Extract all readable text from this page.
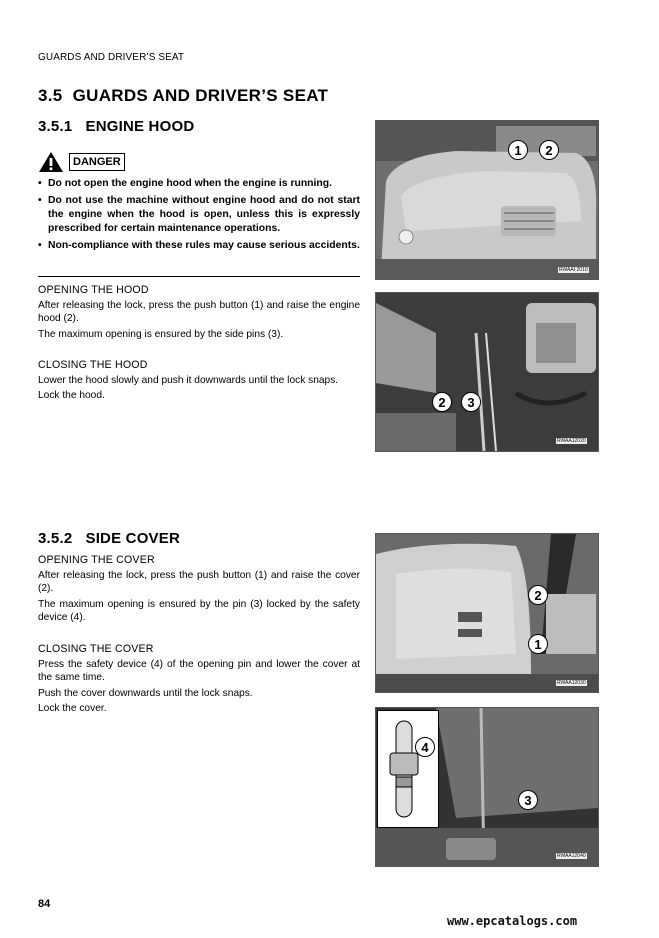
GUARDS AND DRIVER’S SEAT
3.5 GUARDS AND DRIVER’S SEAT
3.5.1 ENGINE HOOD
DANGER
• Do not open the engine hood when the engine is running.
• Do not use the machine without engine hood and do not start the engine when the hood is open, unless this is expressly prescribed for certain maintenance operations.
• Non-compliance with these rules may cause serious accidents.
OPENING THE HOOD

After releasing the lock, press the push button (1) and raise the engine hood (2).

The maximum opening is ensured by the side pins (3).

CLOSING THE HOOD

Lower the hood slowly and push it downwards until the lock snaps.

Lock the hood.

1	2
RWAAI 2010
2	3
RWAA12020
3.5.2 SIDE COVER
OPENING THE COVER

After releasing the lock, press the push button (1) and raise the cover (2).

The maximum opening is ensured by the pin (3) locked by the safety device (4).

CLOSING THE COVER

Press the safety device (4) of the opening pin and lower the cover at the same time.

Push the cover downwards until the lock snaps.

Lock the cover.

2
1
RWAA12030
4
3
RWAA12040
84
www.epcatalogs.com
